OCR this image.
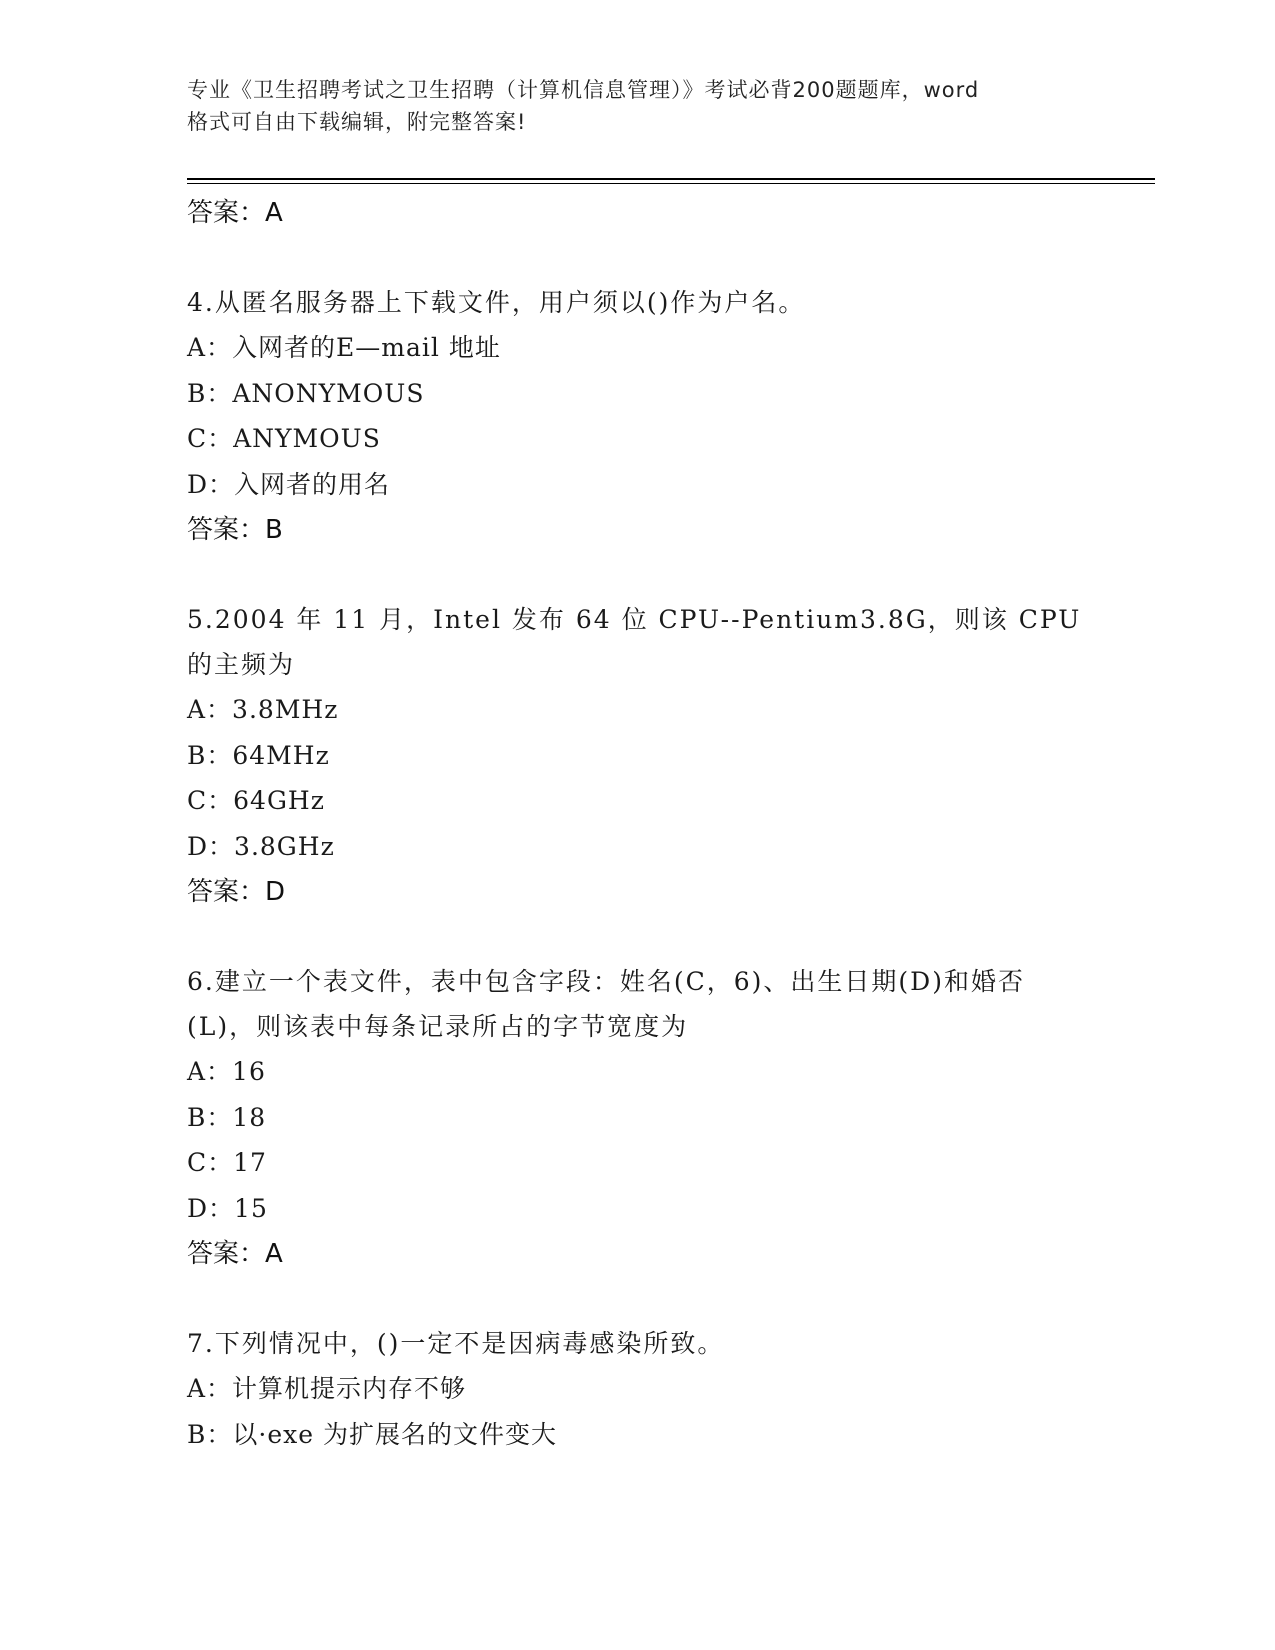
专业《卫生招聘考试之卫生招聘（计算机信息管理）》考试必背200题题库，word
格式可自由下载编辑，附完整答案!

答案：A

4.从匿名服务器上下载文件，用户须以()作为户名。

A：入网者的E—mail 地址

B：ANONYMOUS

C：ANYMOUS

D：入网者的用名

答案：B

5.2004 年 11 月，Intel 发布 64 位 CPU--Pentium3.8G，则该 CPU 的主频为

A：3.8MHz

B：64MHz

C：64GHz

D：3.8GHz

答案：D

6.建立一个表文件，表中包含字段：姓名(C，6)、出生日期(D)和婚否(L)，则该表中每条记录所占的字节宽度为

A：16

B：18

C：17

D：15

答案：A

7.下列情况中，()一定不是因病毒感染所致。

A：计算机提示内存不够

B：以·exe 为扩展名的文件变大
